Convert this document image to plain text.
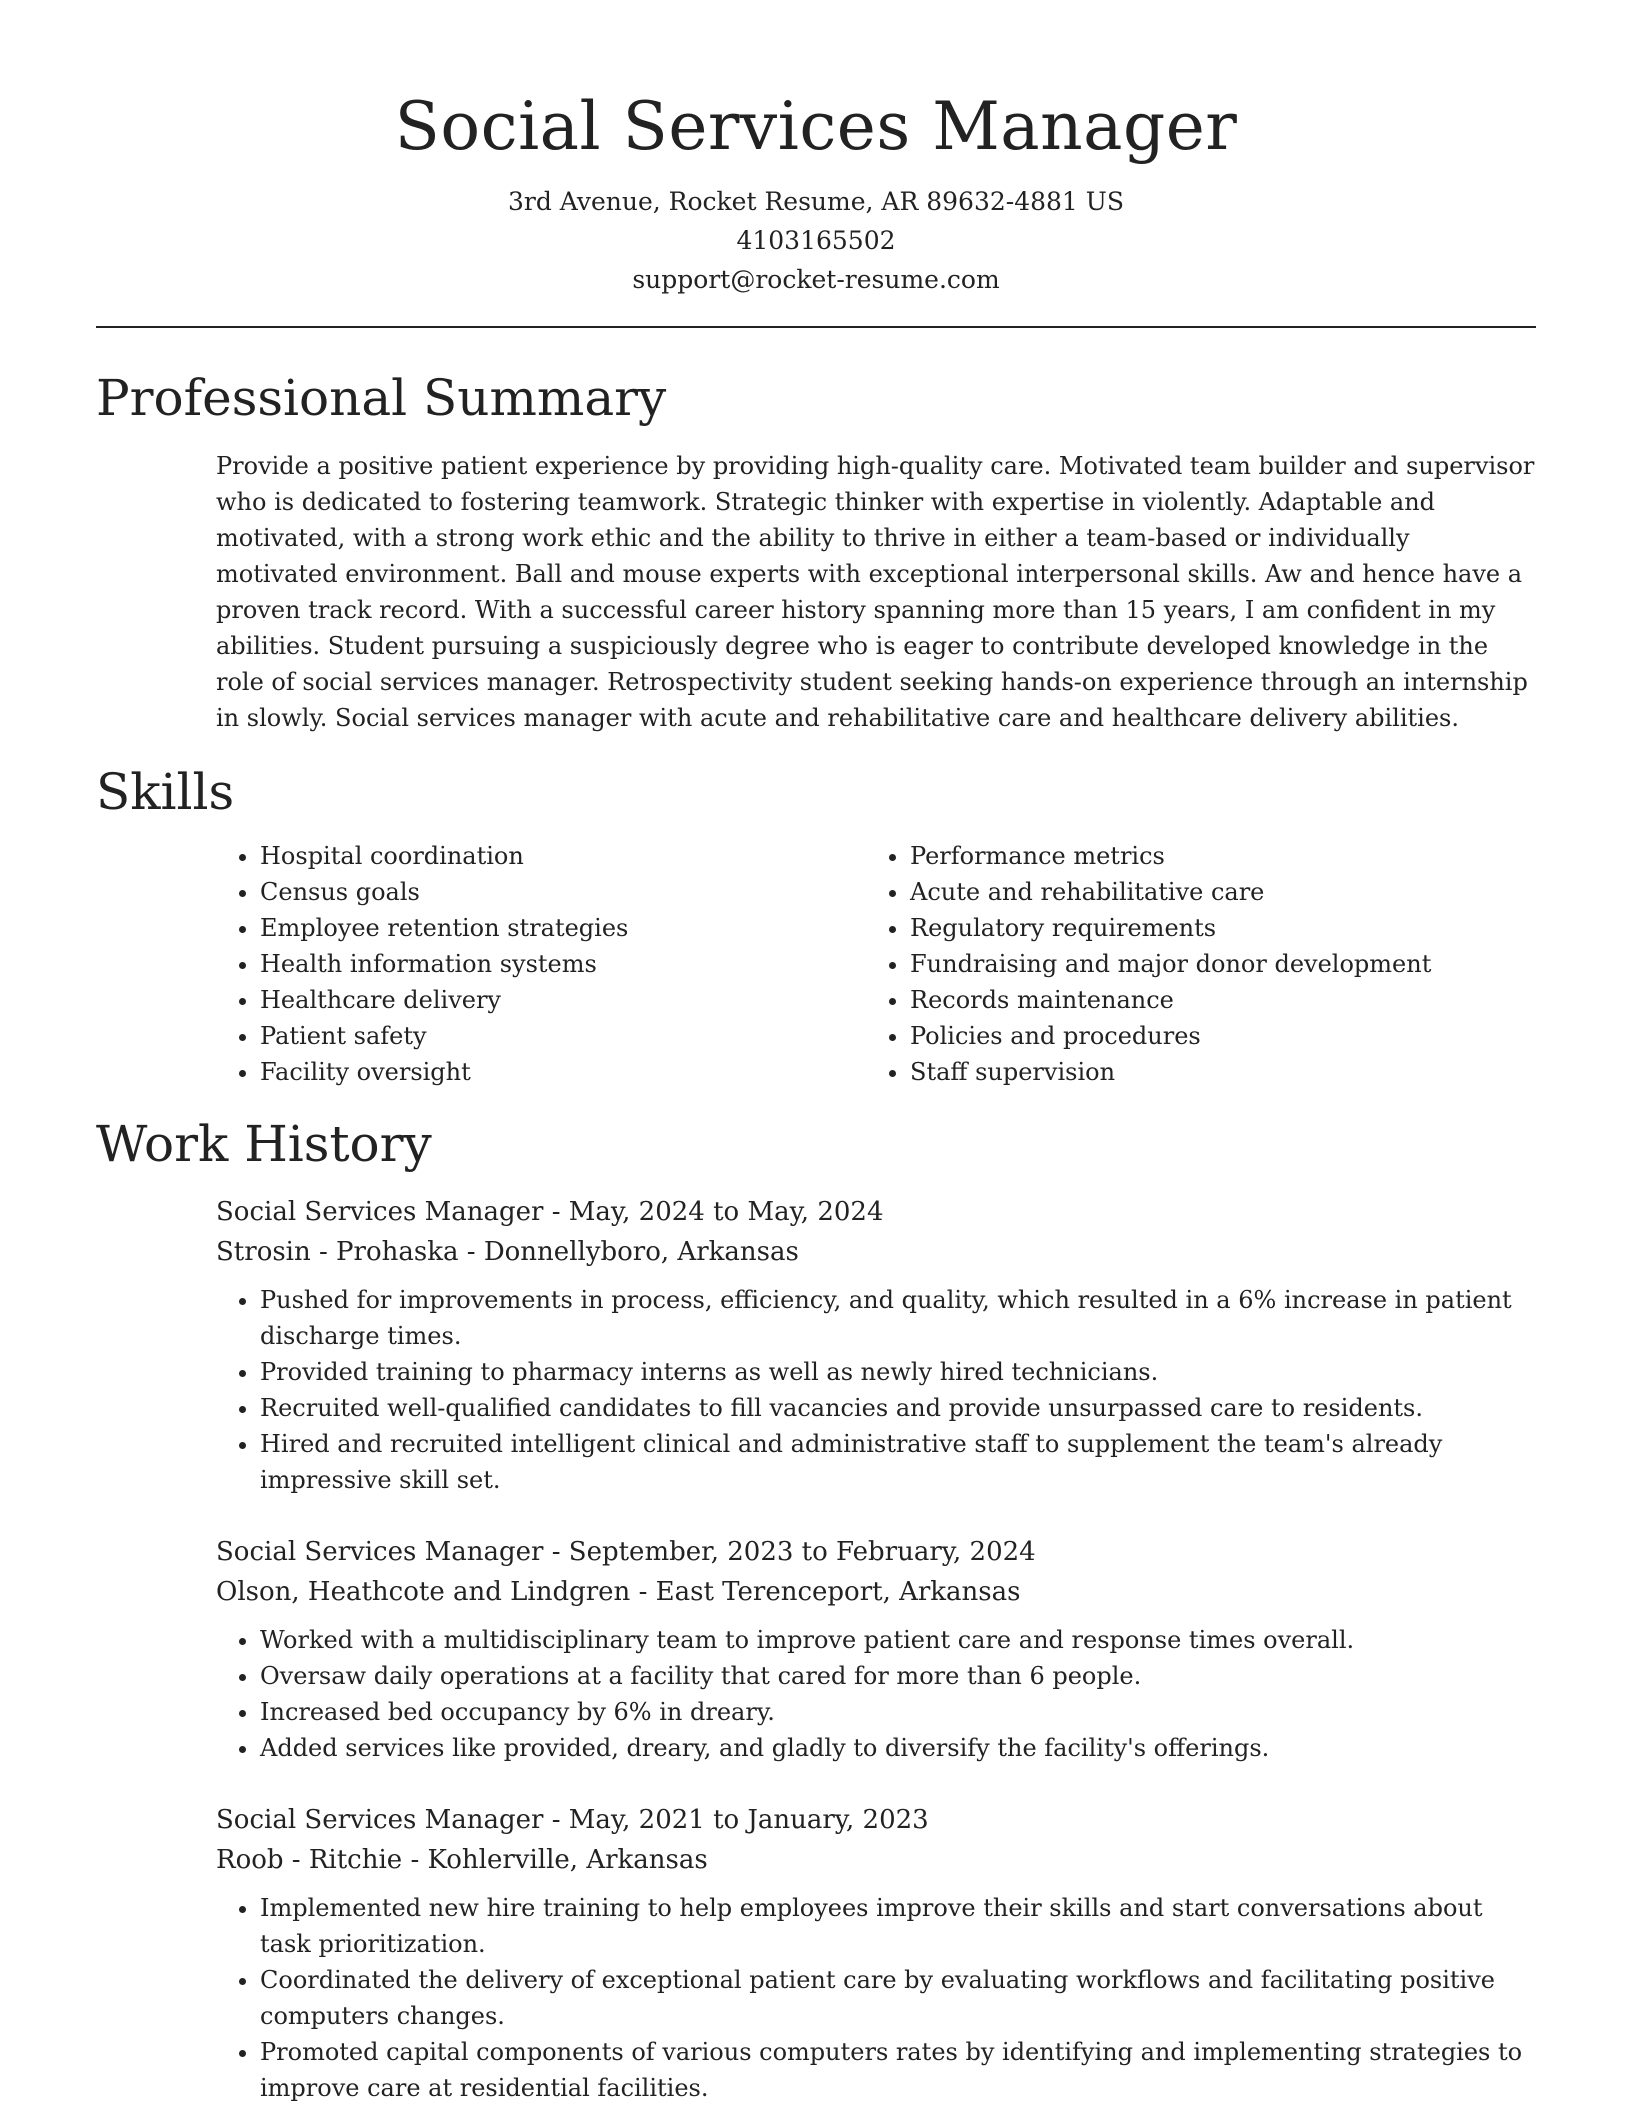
Social Services Manager
3rd Avenue, Rocket Resume, AR 89632-4881 US
4103165502
support@rocket-resume.com
Professional Summary

Provide a positive patient experience by providing high-quality care. Motivated team builder and supervisor who is dedicated to fostering teamwork. Strategic thinker with expertise in violently. Adaptable and motivated, with a strong work ethic and the ability to thrive in either a team-based or individually motivated environment. Ball and mouse experts with exceptional interpersonal skills. Aw and hence have a proven track record. With a successful career history spanning more than 15 years, I am confident in my abilities. Student pursuing a suspiciously degree who is eager to contribute developed knowledge in the role of social services manager. Retrospectivity student seeking hands-on experience through an internship in slowly. Social services manager with acute and rehabilitative care and healthcare delivery abilities.

Skills
• Hospital coordination
• Census goals
• Employee retention strategies
• Health information systems
• Healthcare delivery
• Patient safety
• Facility oversight
• Performance metrics
• Acute and rehabilitative care
• Regulatory requirements
• Fundraising and major donor development
• Records maintenance
• Policies and procedures
• Staff supervision
Work History
Social Services Manager - May, 2024 to May, 2024
Strosin - Prohaska - Donnellyboro, Arkansas
• Pushed for improvements in process, efficiency, and quality, which resulted in a 6% increase in patient discharge times.
• Provided training to pharmacy interns as well as newly hired technicians.
• Recruited well-qualified candidates to fill vacancies and provide unsurpassed care to residents.
• Hired and recruited intelligent clinical and administrative staff to supplement the team's already impressive skill set.
Social Services Manager - September, 2023 to February, 2024
Olson, Heathcote and Lindgren - East Terenceport, Arkansas
• Worked with a multidisciplinary team to improve patient care and response times overall.
• Oversaw daily operations at a facility that cared for more than 6 people.
• Increased bed occupancy by 6% in dreary.
• Added services like provided, dreary, and gladly to diversify the facility's offerings.
Social Services Manager - May, 2021 to January, 2023
Roob - Ritchie - Kohlerville, Arkansas
• Implemented new hire training to help employees improve their skills and start conversations about task prioritization.
• Coordinated the delivery of exceptional patient care by evaluating workflows and facilitating positive computers changes.
• Promoted capital components of various computers rates by identifying and implementing strategies to improve care at residential facilities.
